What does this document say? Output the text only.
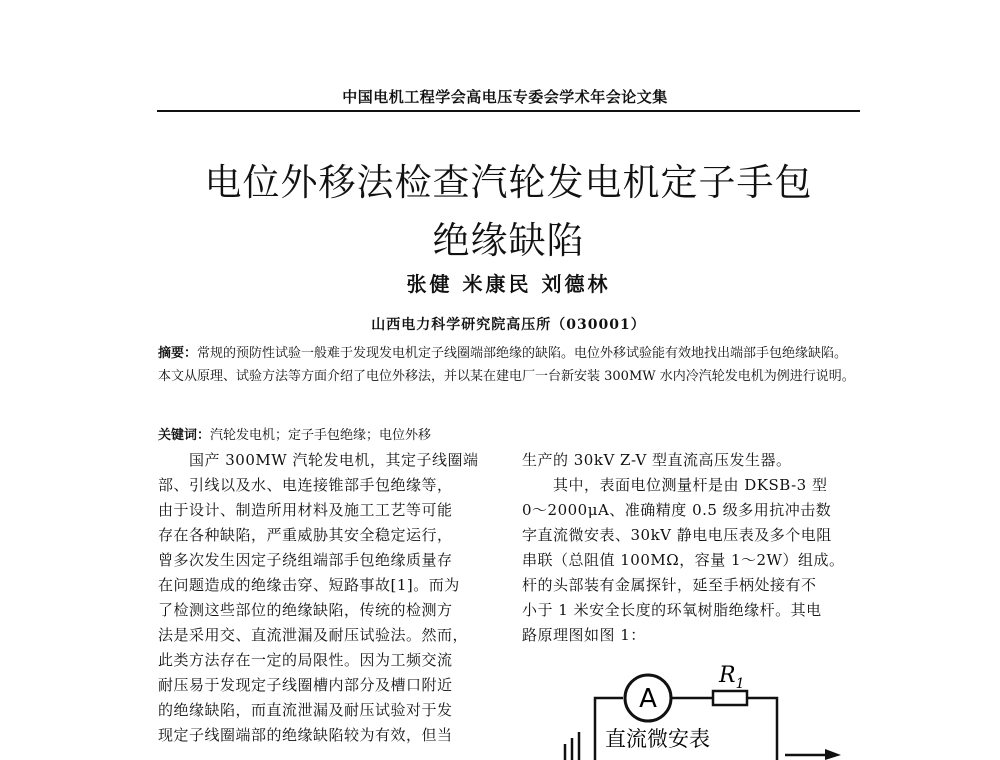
中国电机工程学会高电压专委会学术年会论文集
电位外移法检查汽轮发电机定子手包
绝缘缺陷
张健 米康民 刘德林
山西电力科学研究院高压所（030001）
摘要：常规的预防性试验一般难于发现发电机定子线圈端部绝缘的缺陷。电位外移试验能有效地找出端部手包绝缘缺陷。本文从原理、试验方法等方面介绍了电位外移法，并以某在建电厂一台新安装 300MW 水内冷汽轮发电机为例进行说明。
关键词：汽轮发电机；定子手包绝缘；电位外移
　　国产 300MW 汽轮发电机，其定子线圈端
部、引线以及水、电连接锥部手包绝缘等，
由于设计、制造所用材料及施工工艺等可能
存在各种缺陷，严重威胁其安全稳定运行，
曾多次发生因定子绕组端部手包绝缘质量存
在问题造成的绝缘击穿、短路事故[1]。而为
了检测这些部位的绝缘缺陷，传统的检测方
法是采用交、直流泄漏及耐压试验法。然而，
此类方法存在一定的局限性。因为工频交流
耐压易于发现定子线圈槽内部分及槽口附近
的绝缘缺陷，而直流泄漏及耐压试验对于发
现定子线圈端部的绝缘缺陷较为有效，但当
生产的 30kV Z-V 型直流高压发生器。
　　其中，表面电位测量杆是由 DKSB-3 型
0～2000μA、准确精度 0.5 级多用抗冲击数
字直流微安表、30kV 静电电压表及多个电阻
串联（总阻值 100MΩ，容量 1～2W）组成。
杆的头部装有金属探针，延至手柄处接有不
小于 1 米安全长度的环氧树脂绝缘杆。其电
路原理图如图 1：
A
$R_1$
直流微安表
